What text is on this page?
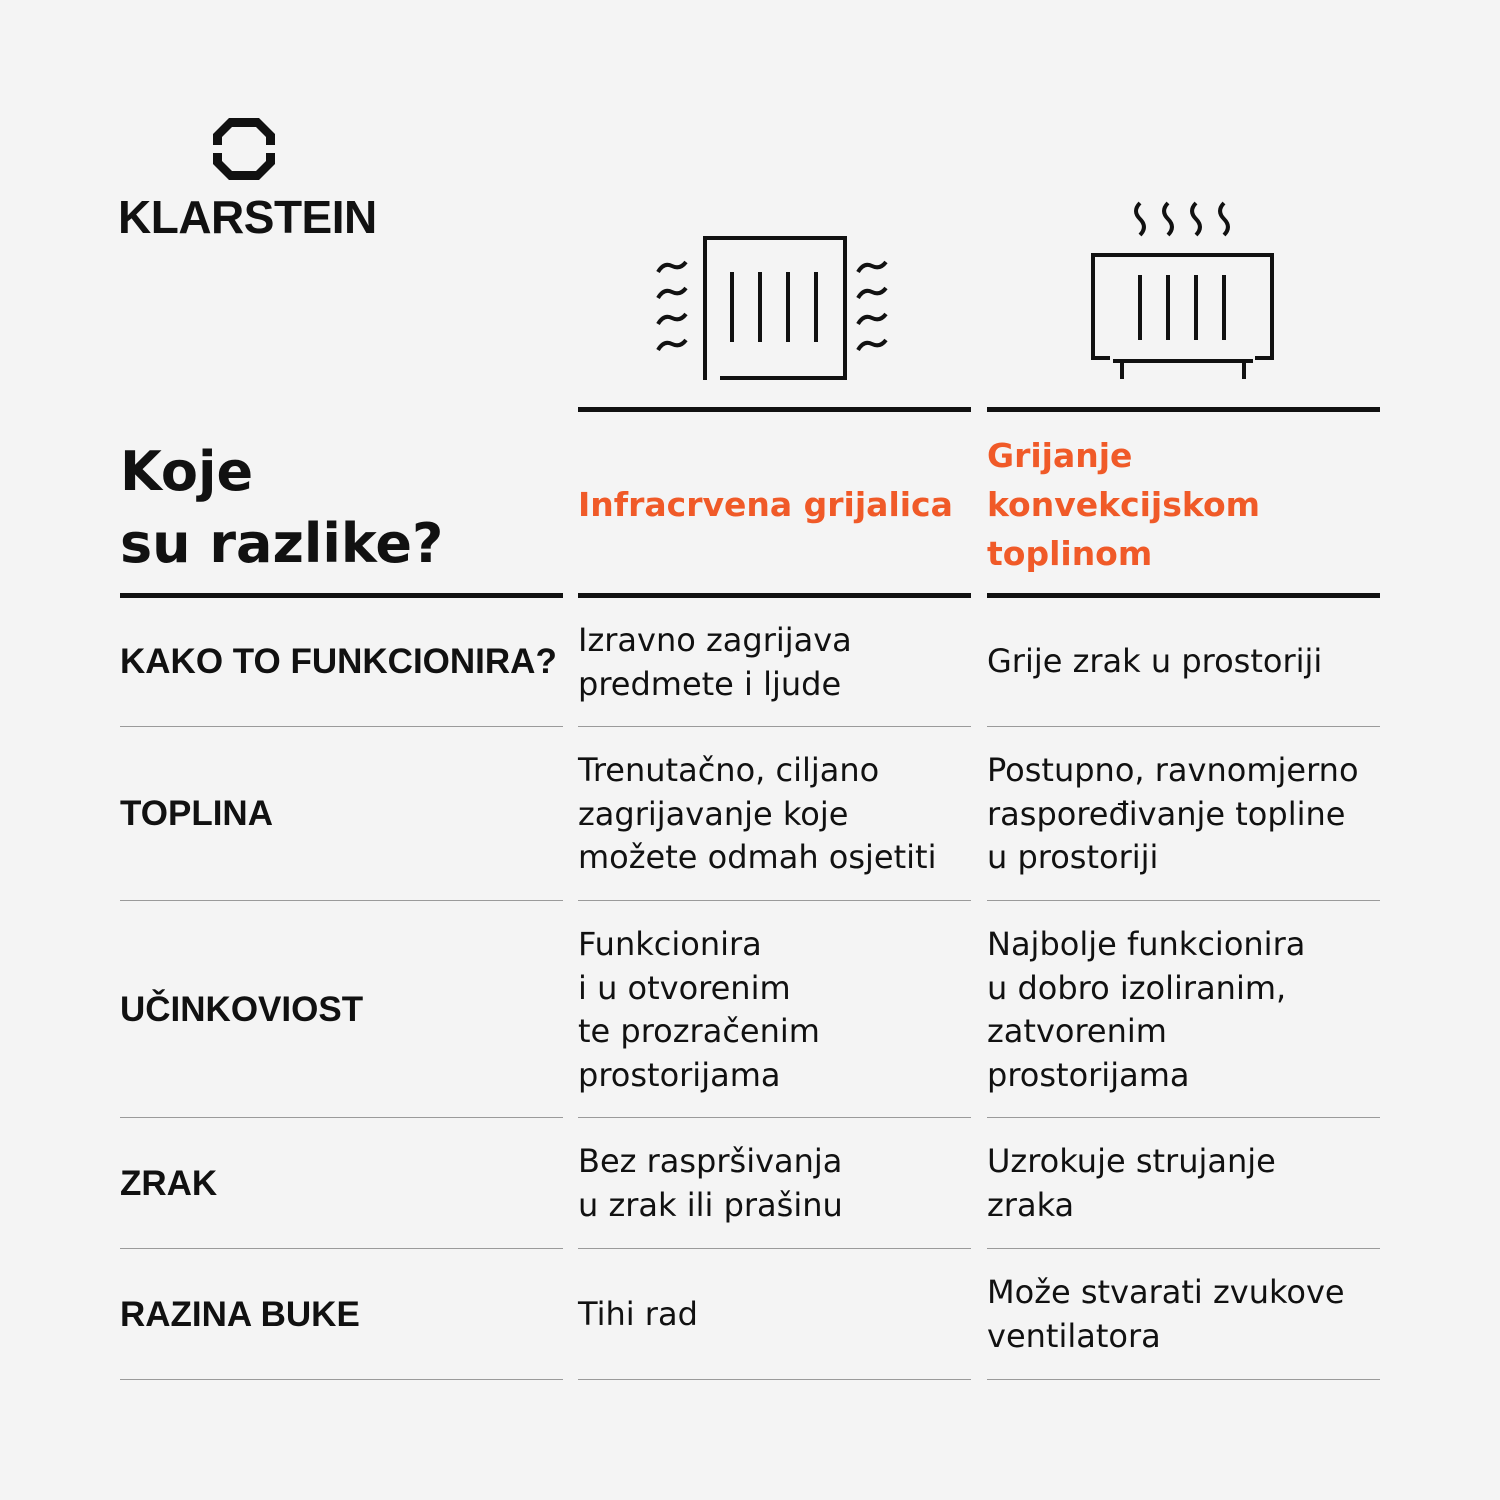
KLARSTEIN
Koje
su razlike?
Infracrvena grijalica
Grijanje
konvekcijskom
toplinom
KAKO TO FUNKCIONIRA?
Izravno zagrijava
predmete i ljude
Grije zrak u prostoriji
TOPLINA
Trenutačno, ciljano
zagrijavanje koje
možete odmah osjetiti
Postupno, ravnomjerno
raspoređivanje topline
u prostoriji
UČINKOVIOST
Funkcionira
i u otvorenim
te prozračenim
prostorijama
Najbolje funkcionira
u dobro izoliranim,
zatvorenim
prostorijama
ZRAK
Bez raspršivanja
u zrak ili prašinu
Uzrokuje strujanje
zraka
RAZINA BUKE	Tihi rad
Može stvarati zvukove
ventilatora
